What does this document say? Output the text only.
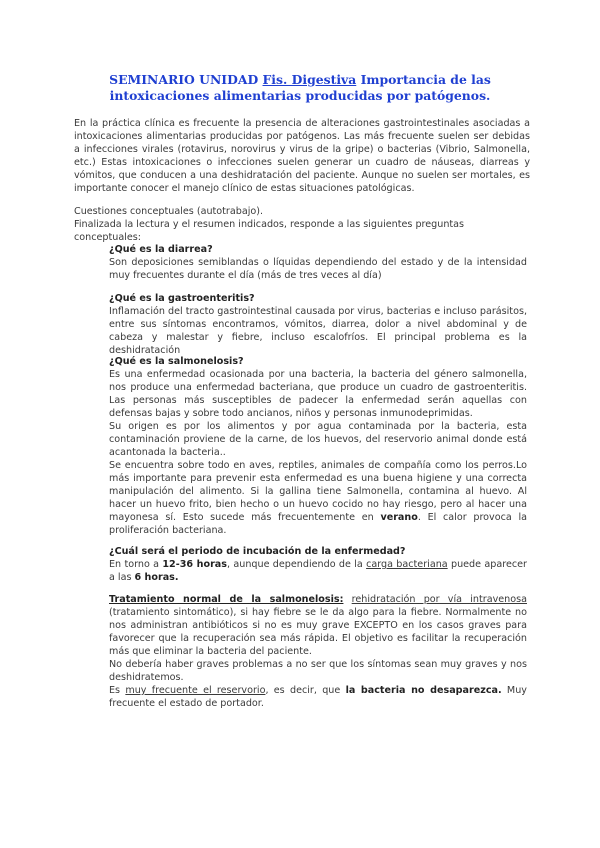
SEMINARIO UNIDAD Fis. Digestiva Importancia de las intoxicaciones alimentarias producidas por patógenos.
En la práctica clínica es frecuente la presencia de alteraciones gastrointestinales asociadas a intoxicaciones alimentarias producidas por patógenos. Las más frecuente suelen ser debidas a infecciones virales (rotavirus, norovirus y virus de la gripe) o bacterias (Vibrio, Salmonella, etc.) Estas intoxicaciones o infecciones suelen generar un cuadro de náuseas, diarreas y vómitos, que conducen a una deshidratación del paciente. Aunque no suelen ser mortales, es importante conocer el manejo clínico de estas situaciones patológicas.
Cuestiones conceptuales (autotrabajo).
Finalizada la lectura y el resumen indicados, responde a las siguientes preguntas conceptuales:

¿Qué es la diarrea?

Son deposiciones semiblandas o líquidas dependiendo del estado y de la intensidad muy frecuentes durante el día (más de tres veces al día)

¿Qué es la gastroenteritis?

Inflamación del tracto gastrointestinal causada por virus, bacterias e incluso parásitos, entre sus síntomas encontramos, vómitos, diarrea, dolor a nivel abdominal y de cabeza y malestar y fiebre, incluso escalofríos. El principal problema es la deshidratación

¿Qué es la salmonelosis?

Es una enfermedad ocasionada por una bacteria, la bacteria del género salmonella, nos produce una enfermedad bacteriana, que produce un cuadro de gastroenteritis. Las personas más susceptibles de padecer la enfermedad serán aquellas con defensas bajas y sobre todo ancianos, niños y personas inmunodeprimidas.

Su origen es por los alimentos y por agua contaminada por la bacteria, esta contaminación proviene de la carne, de los huevos, del reservorio animal donde está acantonada la bacteria..

Se encuentra sobre todo en aves, reptiles, animales de compañía como los perros.Lo más importante para prevenir esta enfermedad es una buena higiene y una correcta manipulación del alimento. Si la gallina tiene Salmonella, contamina al huevo. Al hacer un huevo frito, bien hecho o un huevo cocido no hay riesgo, pero al hacer una mayonesa sí. Esto sucede más frecuentemente en verano. El calor provoca la proliferación bacteriana.

¿Cuál será el periodo de incubación de la enfermedad?

En torno a 12-36 horas, aunque dependiendo de la carga bacteriana puede aparecer a las 6 horas.

Tratamiento normal de la salmonelosis: rehidratación por vía intravenosa (tratamiento sintomático), si hay fiebre se le da algo para la fiebre. Normalmente no nos administran antibióticos si no es muy grave EXCEPTO en los casos graves para favorecer que la recuperación sea más rápida. El objetivo es facilitar la recuperación más que eliminar la bacteria del paciente.

No debería haber graves problemas a no ser que los síntomas sean muy graves y nos deshidratemos.

Es muy frecuente el reservorio, es decir, que la bacteria no desaparezca. Muy frecuente el estado de portador.
